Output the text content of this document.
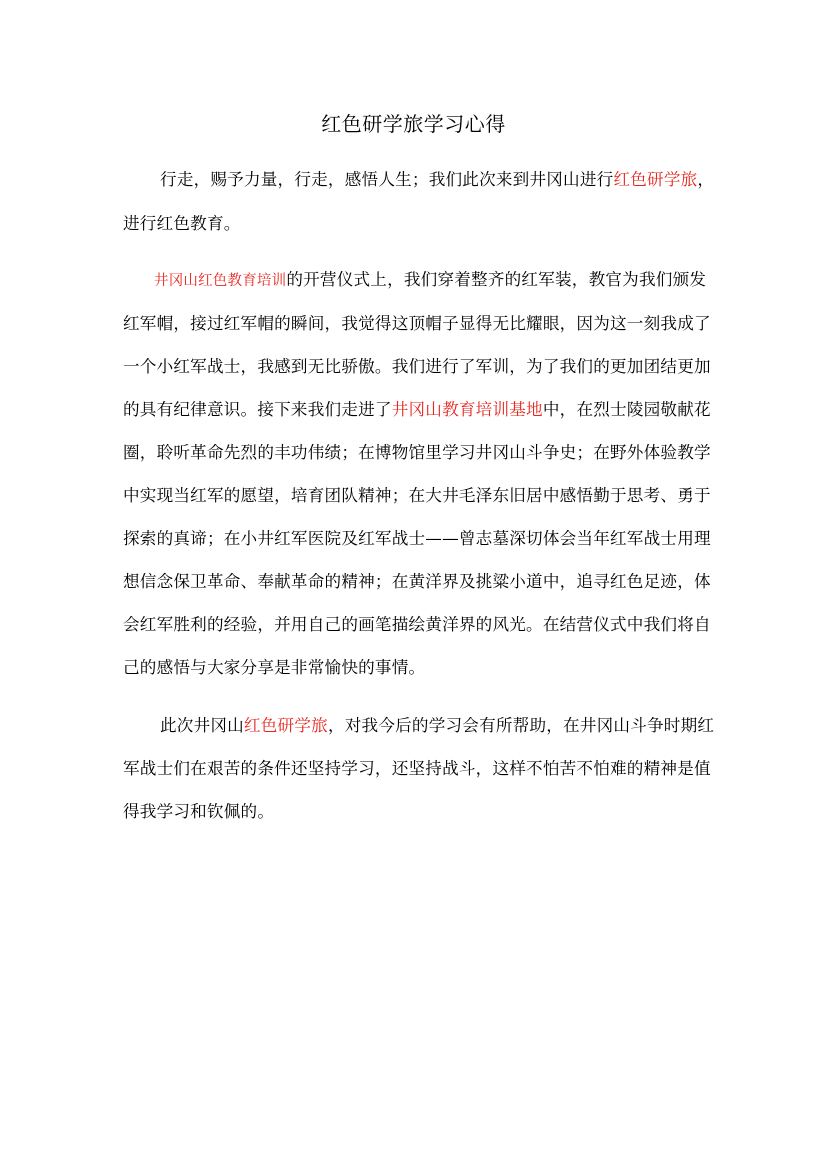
红色研学旅学习心得

行走，赐予力量，行走，感悟人生；我们此次来到井冈山进行红色研学旅，

进行红色教育。

井冈山红色教育培训的开营仪式上，我们穿着整齐的红军装，教官为我们颁发

红军帽，接过红军帽的瞬间，我觉得这顶帽子显得无比耀眼，因为这一刻我成了

一个小红军战士，我感到无比骄傲。我们进行了军训，为了我们的更加团结更加

的具有纪律意识。接下来我们走进了井冈山教育培训基地中，在烈士陵园敬献花

圈，聆听革命先烈的丰功伟绩；在博物馆里学习井冈山斗争史；在野外体验教学

中实现当红军的愿望，培育团队精神；在大井毛泽东旧居中感悟勤于思考、勇于

探索的真谛；在小井红军医院及红军战士——曾志墓深切体会当年红军战士用理

想信念保卫革命、奉献革命的精神；在黄洋界及挑粱小道中，追寻红色足迹，体

会红军胜利的经验，并用自己的画笔描绘黄洋界的风光。在结营仪式中我们将自

己的感悟与大家分享是非常愉快的事情。

此次井冈山红色研学旅，对我今后的学习会有所帮助，在井冈山斗争时期红

军战士们在艰苦的条件还坚持学习，还坚持战斗，这样不怕苦不怕难的精神是值

得我学习和钦佩的。
